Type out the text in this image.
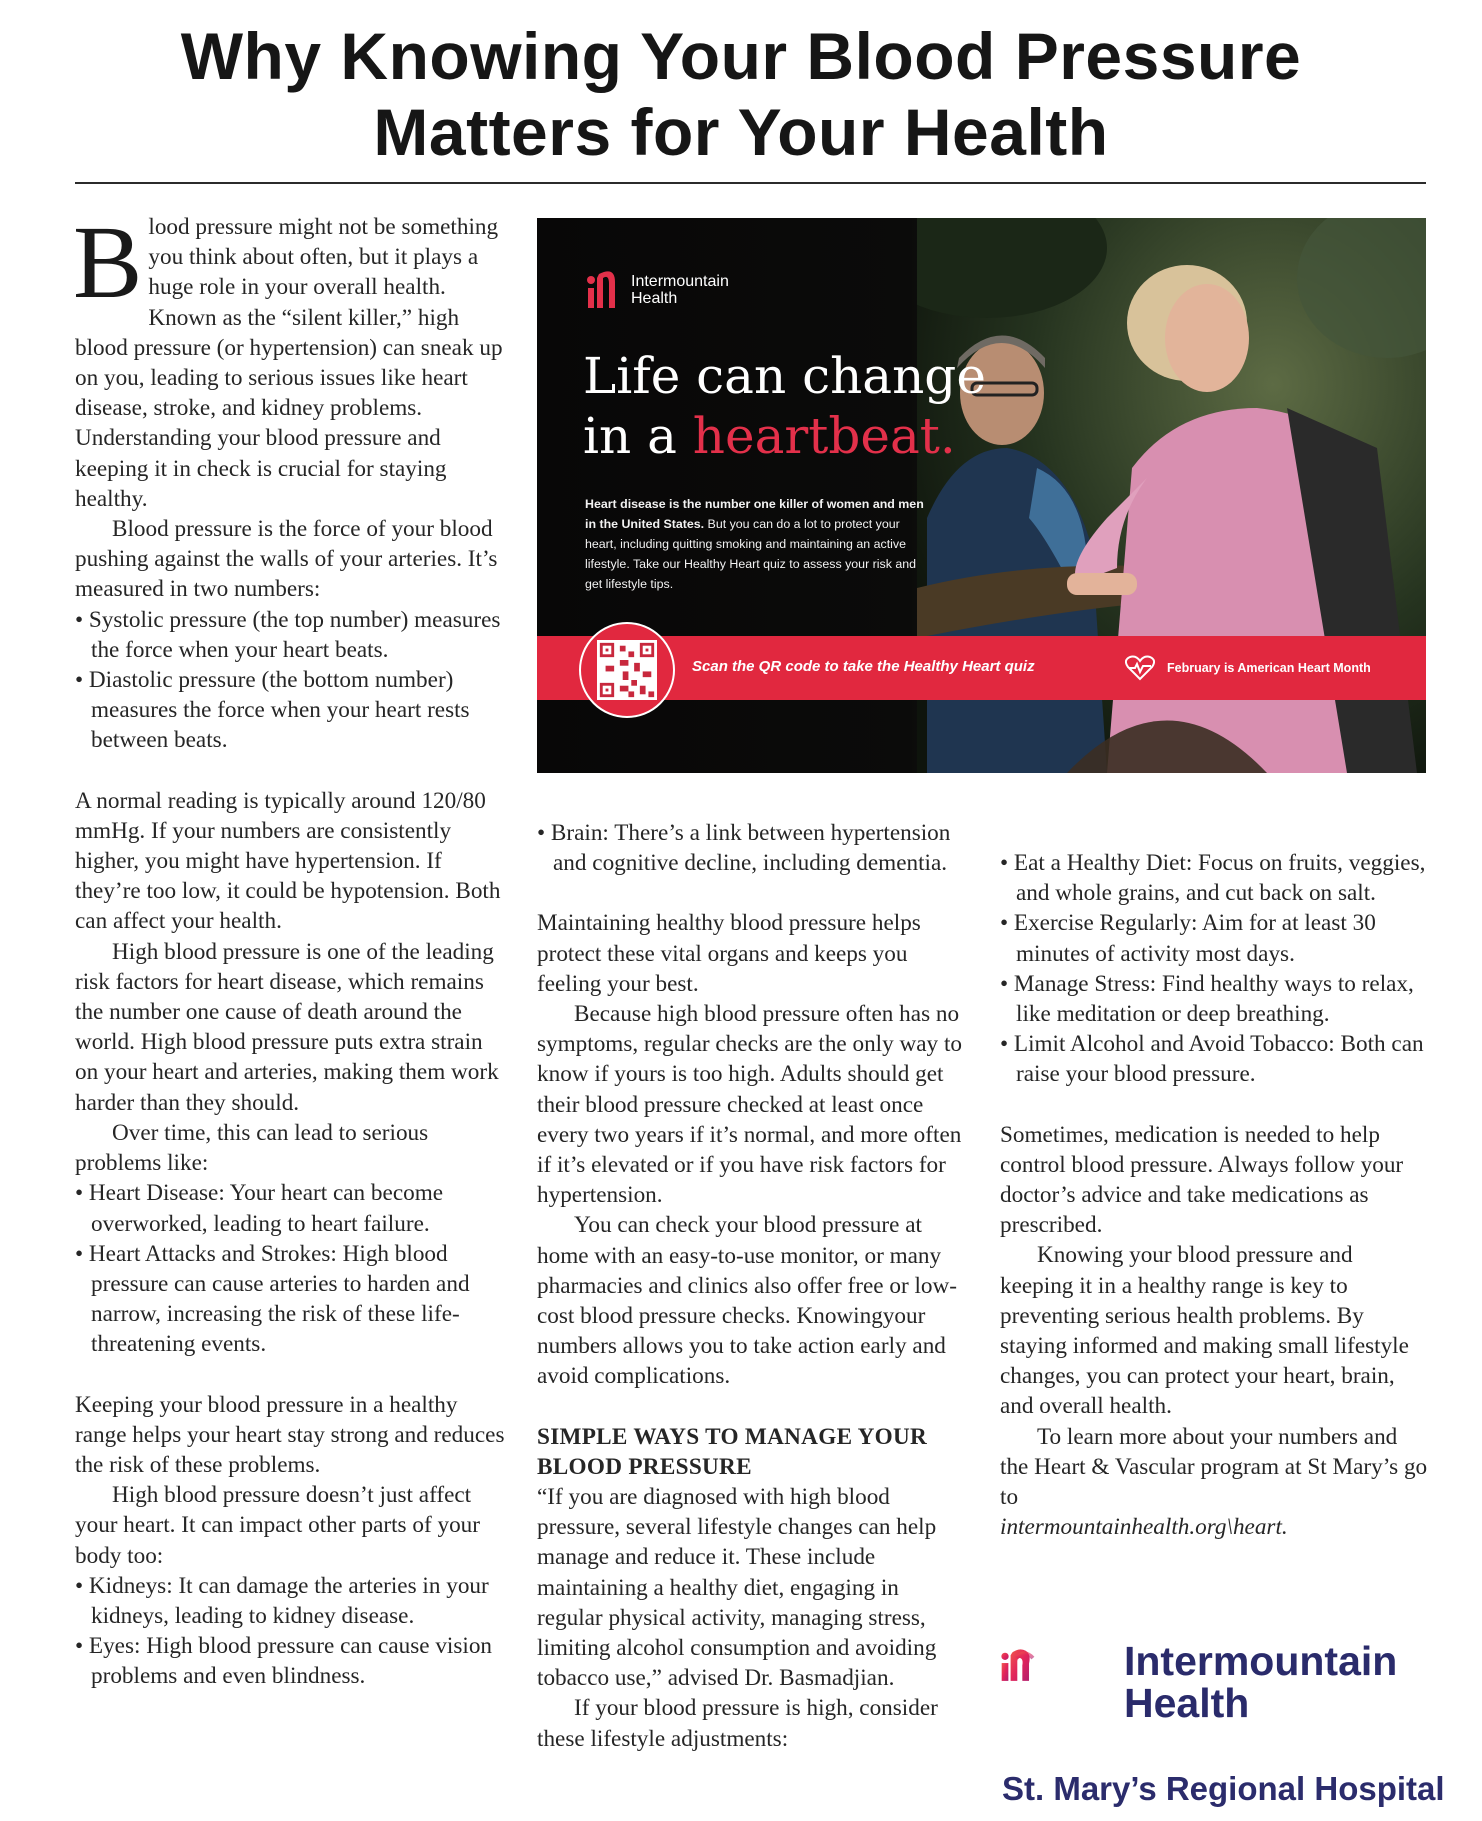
Why Knowing Your Blood Pressure
Matters for Your Health

Blood pressure might not be something you think about often, but it plays a huge role in your overall health. Known as the “silent killer,” high blood pressure (or hypertension) can sneak up on you, leading to serious issues like heart disease, stroke, and kidney problems. Understanding your blood pressure and keeping it in check is crucial for staying healthy.

Blood pressure is the force of your blood pushing against the walls of your arteries. It’s measured in two numbers:

• Systolic pressure (the top number) measures the force when your heart beats.

• Diastolic pressure (the bottom number) measures the force when your heart rests between beats.

A normal reading is typically around 120/80 mmHg. If your numbers are consistently higher, you might have hypertension. If they’re too low, it could be hypotension. Both can affect your health.

High blood pressure is one of the leading risk factors for heart disease, which remains the number one cause of death around the world. High blood pressure puts extra strain on your heart and arteries, making them work harder than they should.

Over time, this can lead to serious problems like:

• Heart Disease: Your heart can become overworked, leading to heart failure.

• Heart Attacks and Strokes: High blood pressure can cause arteries to harden and narrow, increasing the risk of these life-threatening events.

Keeping your blood pressure in a healthy range helps your heart stay strong and reduces the risk of these problems.

High blood pressure doesn’t just affect your heart. It can impact other parts of your body too:

• Kidneys: It can damage the arteries in your kidneys, leading to kidney disease.

• Eyes: High blood pressure can cause vision problems and even blindness.

Intermountain
Health
Life can change
in a heartbeat.

Heart disease is the number one killer of women and men in the United States. But you can do a lot to protect your heart, including quitting smoking and maintaining an active lifestyle. Take our Healthy Heart quiz to assess your risk and get lifestyle tips.

Scan the QR code to take the Healthy Heart quiz	February is American Heart Month

• Brain: There’s a link between hypertension and cognitive decline, including dementia.

Maintaining healthy blood pressure helps protect these vital organs and keeps you feeling your best.

Because high blood pressure often has no symptoms, regular checks are the only way to know if yours is too high. Adults should get their blood pressure checked at least once every two years if it’s normal, and more often if it’s elevated or if you have risk factors for hypertension.

You can check your blood pressure at home with an easy-to-use monitor, or many pharmacies and clinics also offer free or low-cost blood pressure checks. Knowingyour numbers allows you to take action early and avoid complications.

SIMPLE WAYS TO MANAGE YOUR BLOOD PRESSURE

“If you are diagnosed with high blood pressure, several lifestyle changes can help manage and reduce it. These include maintaining a healthy diet, engaging in regular physical activity, managing stress, limiting alcohol consumption and avoiding tobacco use,” advised Dr. Basmadjian.

If your blood pressure is high, consider these lifestyle adjustments:

• Eat a Healthy Diet: Focus on fruits, veggies, and whole grains, and cut back on salt.

• Exercise Regularly: Aim for at least 30 minutes of activity most days.

• Manage Stress: Find healthy ways to relax, like meditation or deep breathing.

• Limit Alcohol and Avoid Tobacco: Both can raise your blood pressure.

Sometimes, medication is needed to help control blood pressure. Always follow your doctor’s advice and take medications as prescribed.

Knowing your blood pressure and keeping it in a healthy range is key to preventing serious health problems. By staying informed and making small lifestyle changes, you can protect your heart, brain, and overall health.

To learn more about your numbers and the Heart & Vascular program at St Mary’s go to

intermountainhealth.org\heart.

Intermountain
Health
St. Mary’s Regional Hospital
